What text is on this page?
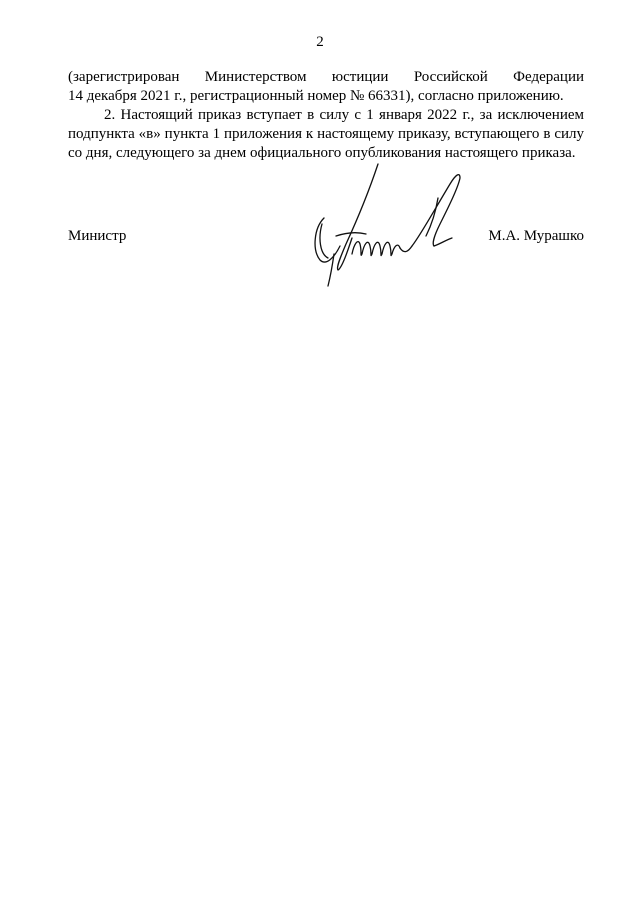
2

(зарегистрирован Министерством юстиции Российской Федерации

14 декабря 2021 г., регистрационный номер № 66331), согласно приложению.

2. Настоящий приказ вступает в силу с 1 января 2022 г., за исключением подпункта «в» пункта 1 приложения к настоящему приказу, вступающего в силу со дня, следующего за днем официального опубликования настоящего приказа.

Министр	М.А. Мурашко
